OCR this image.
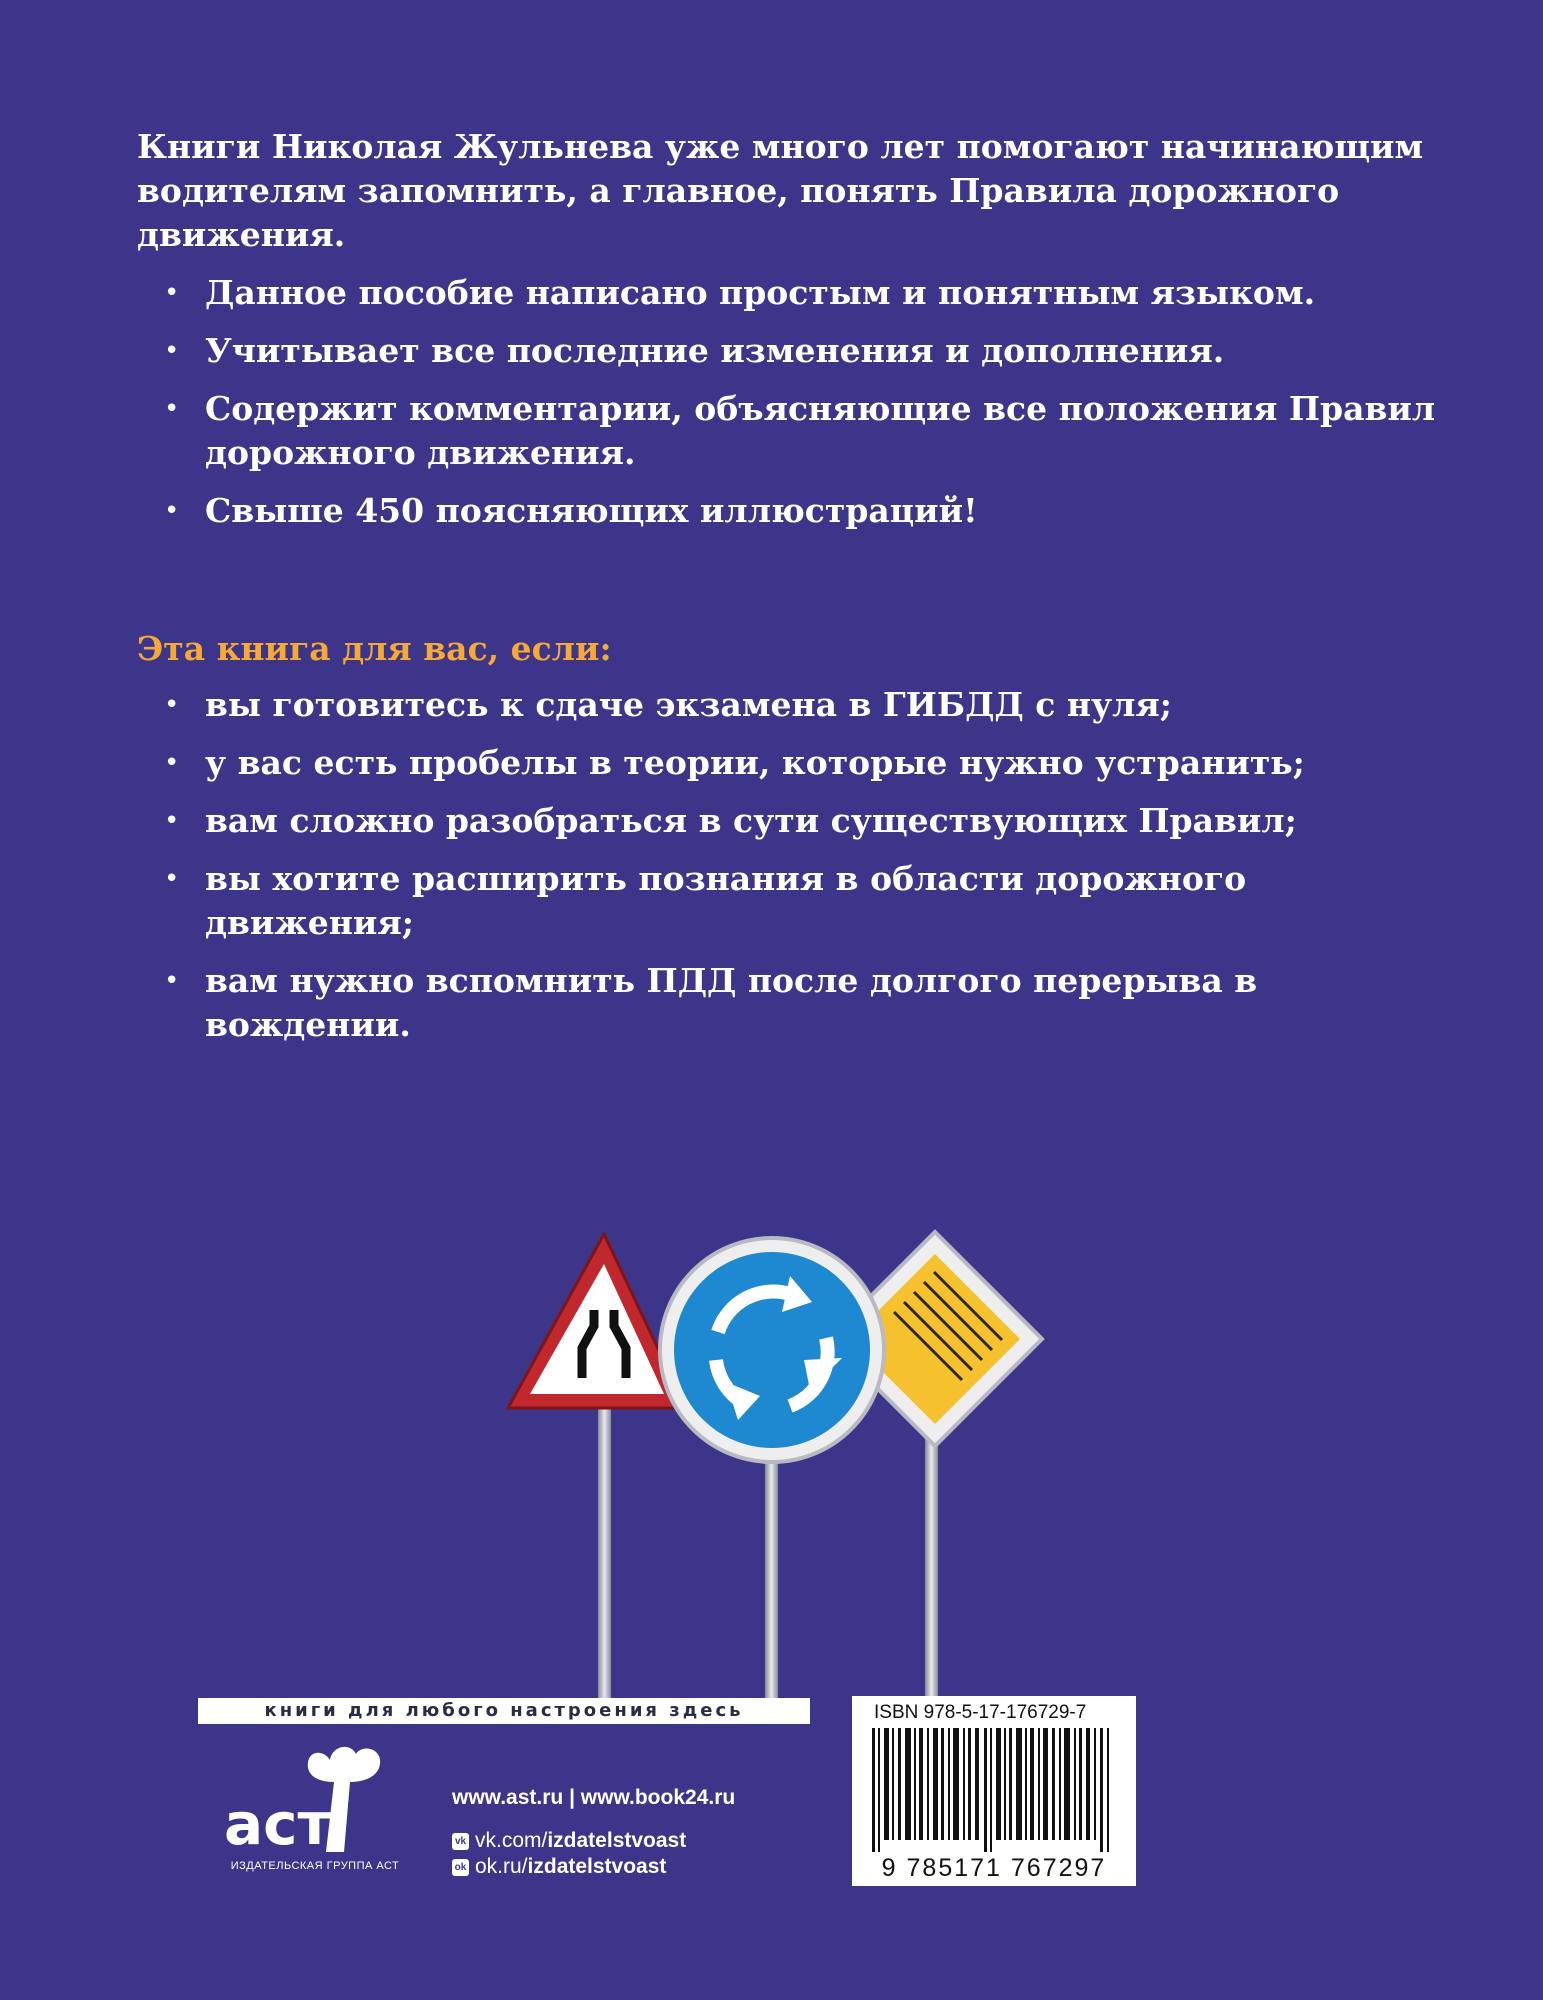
Книги Николая Жульнева уже много лет помогают начинающим водителям запомнить, а главное, понять Правила дорожного движения.

• Данное пособие написано простым и понятным языком.
• Учитывает все последние изменения и дополнения.
• Содержит комментарии, объясняющие все положения Правил дорожного движения.
• Свыше 450 поясняющих иллюстраций!
Эта книга для вас, если:
• вы готовитесь к сдаче экзамена в ГИБДД с нуля;
• у вас есть пробелы в теории, которые нужно устранить;
• вам сложно разобраться в сути существующих Правил;
• вы хотите расширить познания в области дорожного движения;
• вам нужно вспомнить ПДД после долгого перерыва в вождении.
книги для любого настроения здесь	ISBN 978-5-17-176729-7
9 785171 767297
аст
ИЗДАТЕЛЬСКАЯ ГРУППА АСТ
www.ast.ru | www.book24.ru
vk vk.com/ izdatelstvoast
ok ok.ru/ izdatelstvoast
